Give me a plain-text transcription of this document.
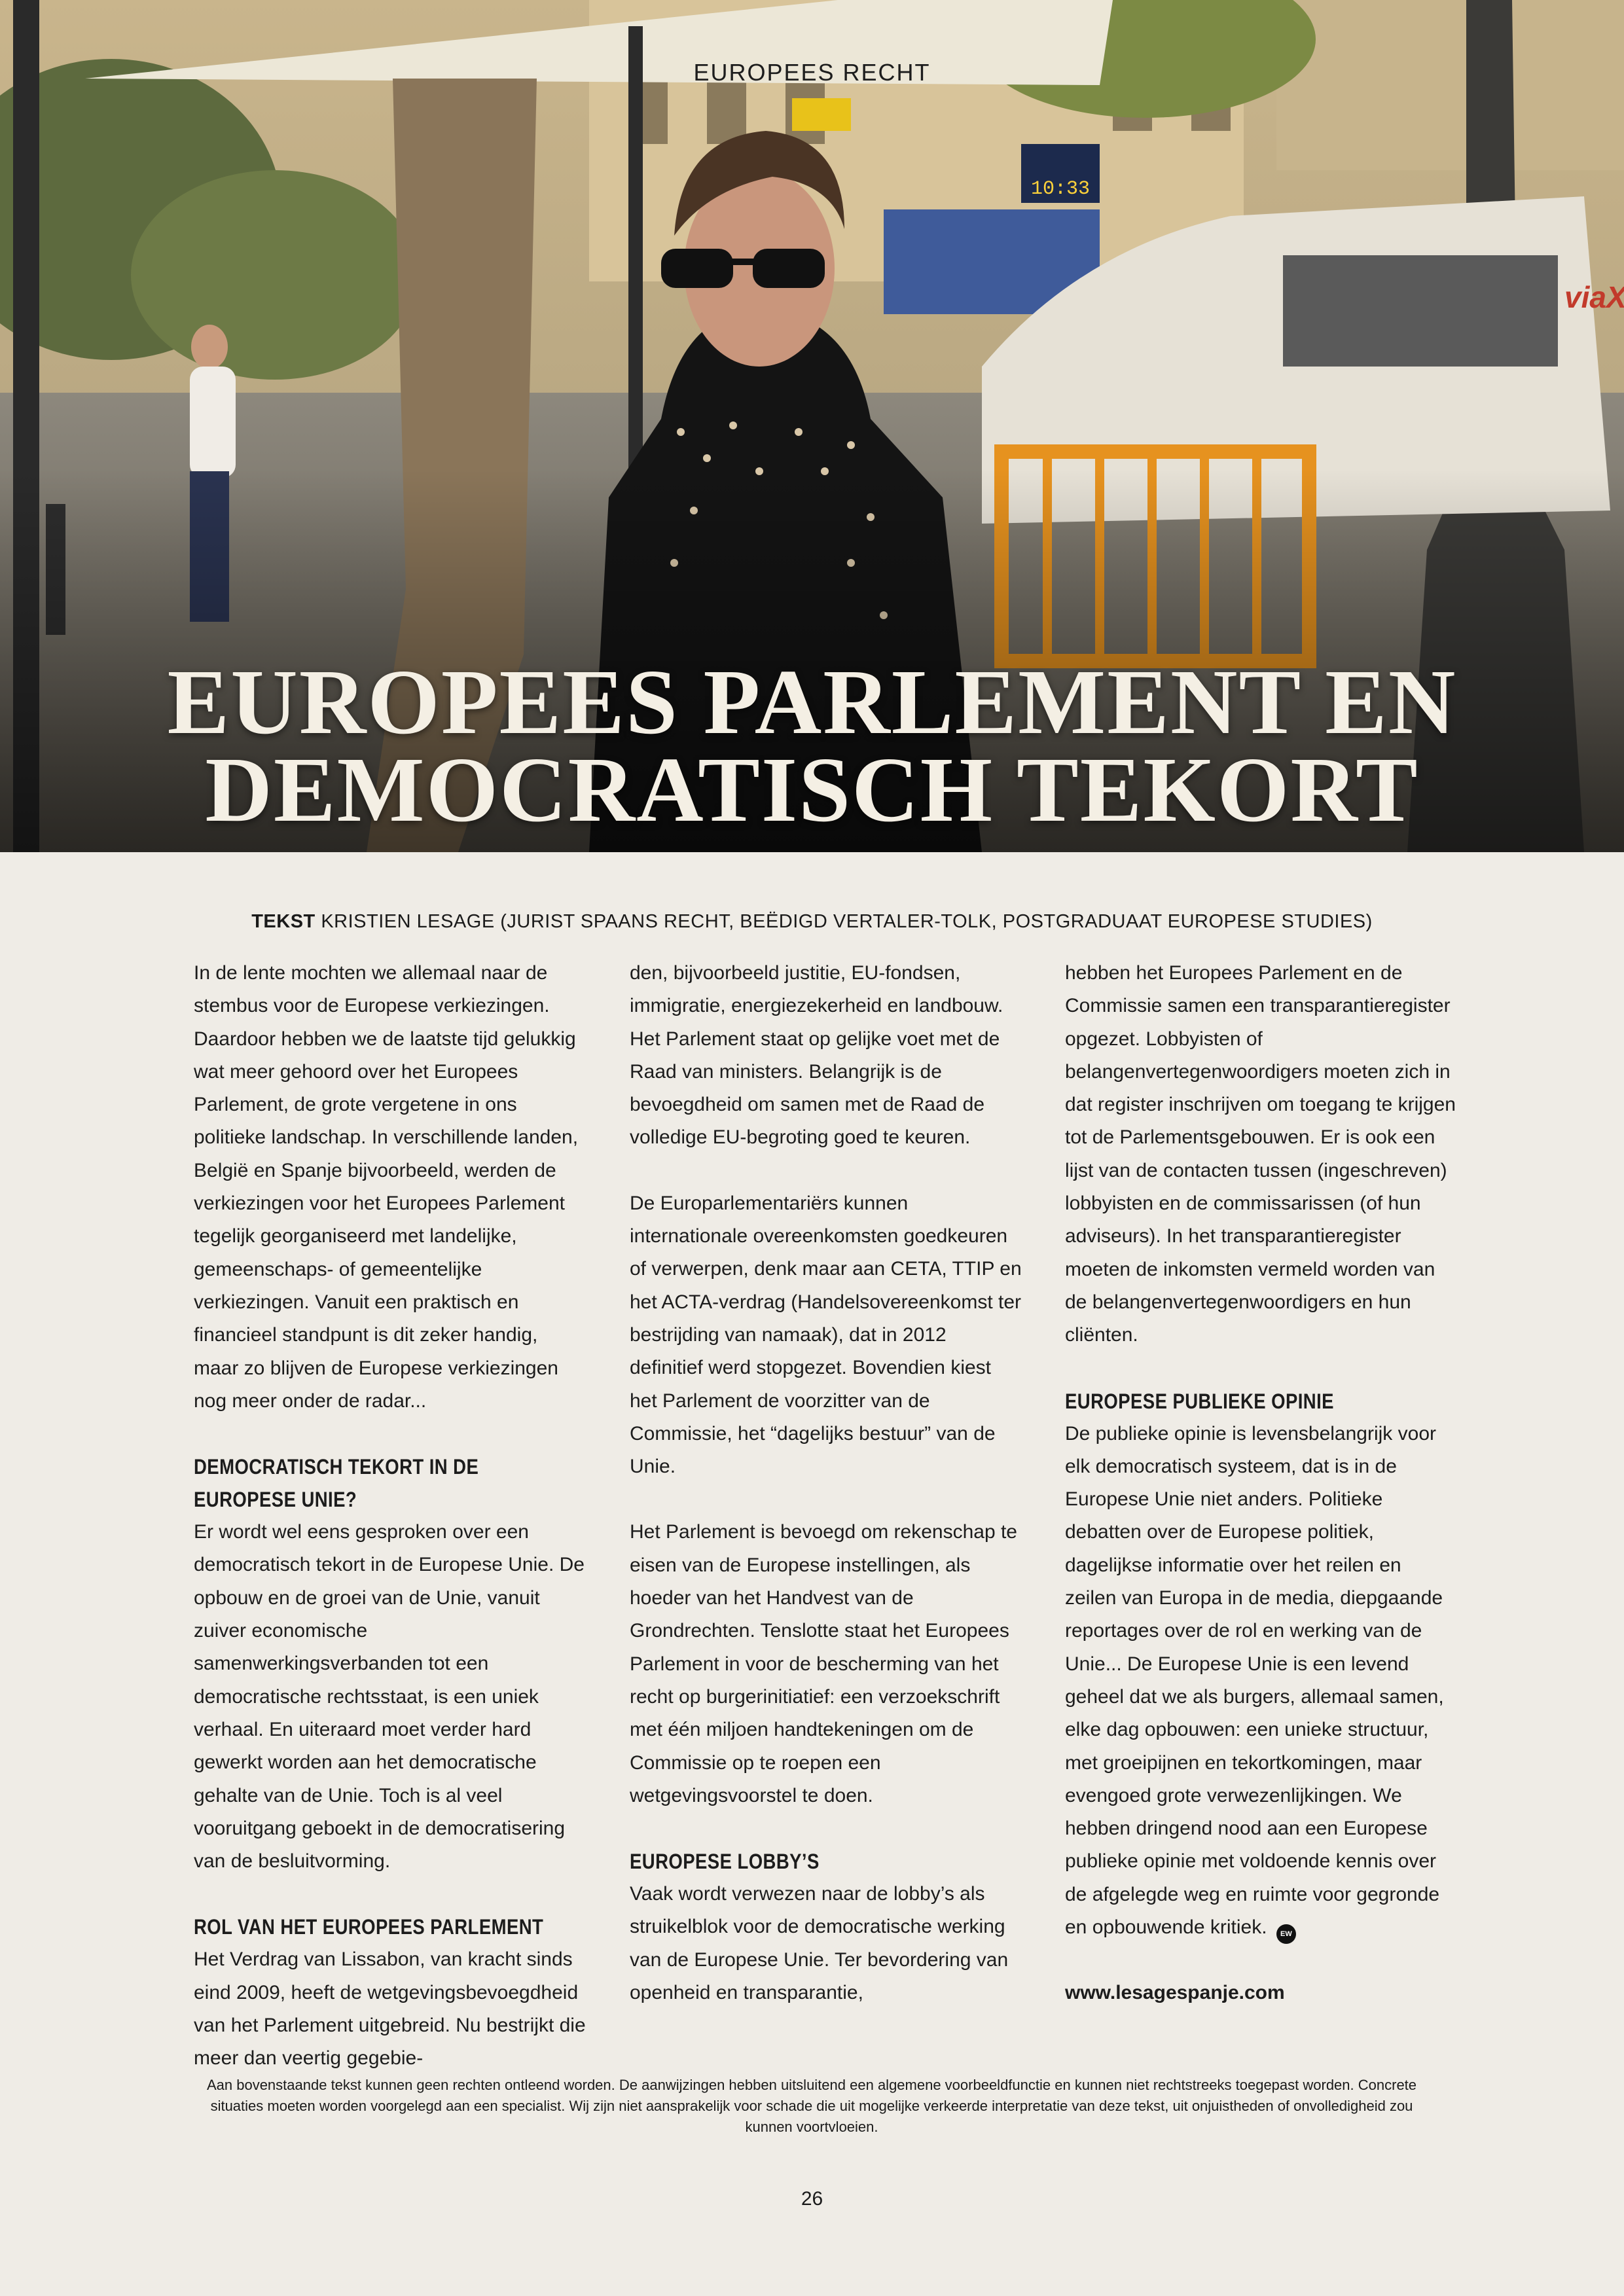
EUROPEES RECHT
EUROPEES PARLEMENT EN
DEMOCRATISCH TEKORT
TEKST KRISTIEN LESAGE (JURIST SPAANS RECHT, BEËDIGD VERTALER-TOLK, POSTGRADUAAT EUROPESE STUDIES)

In de lente mochten we allemaal naar de stembus voor de Europese verkiezingen. Daardoor hebben we de laatste tijd gelukkig wat meer gehoord over het Europees Parlement, de grote vergetene in ons politieke landschap. In verschillende landen, België en Spanje bijvoorbeeld, werden de verkiezingen voor het Europees Parlement tegelijk georganiseerd met landelijke, gemeenschaps- of gemeentelijke verkiezingen. Vanuit een praktisch en financieel standpunt is dit zeker handig, maar zo blijven de Europese verkiezingen nog meer onder de radar...

DEMOCRATISCH TEKORT IN DE EUROPESE UNIE?

Er wordt wel eens gesproken over een democratisch tekort in de Europese Unie. De opbouw en de groei van de Unie, vanuit zuiver economische samenwerkingsverbanden tot een democratische rechtsstaat, is een uniek verhaal. En uiteraard moet verder hard gewerkt worden aan het democratische gehalte van de Unie. Toch is al veel vooruitgang geboekt in de democratisering van de besluitvorming.

ROL VAN HET EUROPEES PARLEMENT

Het Verdrag van Lissabon, van kracht sinds eind 2009, heeft de wetgevingsbevoegdheid van het Parlement uitgebreid. Nu bestrijkt die meer dan veertig gegebie-

den, bijvoorbeeld justitie, EU-fondsen, immigratie, energiezekerheid en landbouw. Het Parlement staat op gelijke voet met de Raad van ministers. Belangrijk is de bevoegdheid om samen met de Raad de volledige EU-begroting goed te keuren.

De Europarlementariërs kunnen internationale overeenkomsten goedkeuren of verwerpen, denk maar aan CETA, TTIP en het ACTA-verdrag (Handelsovereenkomst ter bestrijding van namaak), dat in 2012 definitief werd stopgezet. Bovendien kiest het Parlement de voorzitter van de Commissie, het “dagelijks bestuur” van de Unie.

Het Parlement is bevoegd om rekenschap te eisen van de Europese instellingen, als hoeder van het Handvest van de Grondrechten. Tenslotte staat het Europees Parlement in voor de bescherming van het recht op burgerinitiatief: een verzoekschrift met één miljoen handtekeningen om de Commissie op te roepen een wetgevingsvoorstel te doen.

EUROPESE LOBBY’S

Vaak wordt verwezen naar de lobby’s als struikelblok voor de democratische werking van de Europese Unie. Ter bevordering van openheid en transparantie,

hebben het Europees Parlement en de Commissie samen een transparantieregister opgezet. Lobbyisten of belangenvertegenwoordigers moeten zich in dat register inschrijven om toegang te krijgen tot de Parlementsgebouwen. Er is ook een lijst van de contacten tussen (ingeschreven) lobbyisten en de commissarissen (of hun adviseurs). In het transparantieregister moeten de inkomsten vermeld worden van de belangenvertegenwoordigers en hun cliënten.

EUROPESE PUBLIEKE OPINIE

De publieke opinie is levensbelangrijk voor elk democratisch systeem, dat is in de Europese Unie niet anders. Politieke debatten over de Europese politiek, dagelijkse informatie over het reilen en zeilen van Europa in de media, diepgaande reportages over de rol en werking van de Unie... De Europese Unie is een levend geheel dat we als burgers, allemaal samen, elke dag opbouwen: een unieke structuur, met groeipijnen en tekortkomingen, maar evengoed grote verwezenlijkingen. We hebben dringend nood aan een Europese publieke opinie met voldoende kennis over de afgelegde weg en ruimte voor gegronde en opbouwende kritiek. EW

www.lesagespanje.com

Aan bovenstaande tekst kunnen geen rechten ontleend worden. De aanwijzingen hebben uitsluitend een algemene voorbeeldfunctie en kunnen niet rechtstreeks toegepast worden. Concrete situaties moeten worden voorgelegd aan een specialist. Wij zijn niet aansprakelijk voor schade die uit mogelijke verkeerde interpretatie van deze tekst, uit onjuistheden of onvolledigheid zou kunnen voortvloeien.
26
